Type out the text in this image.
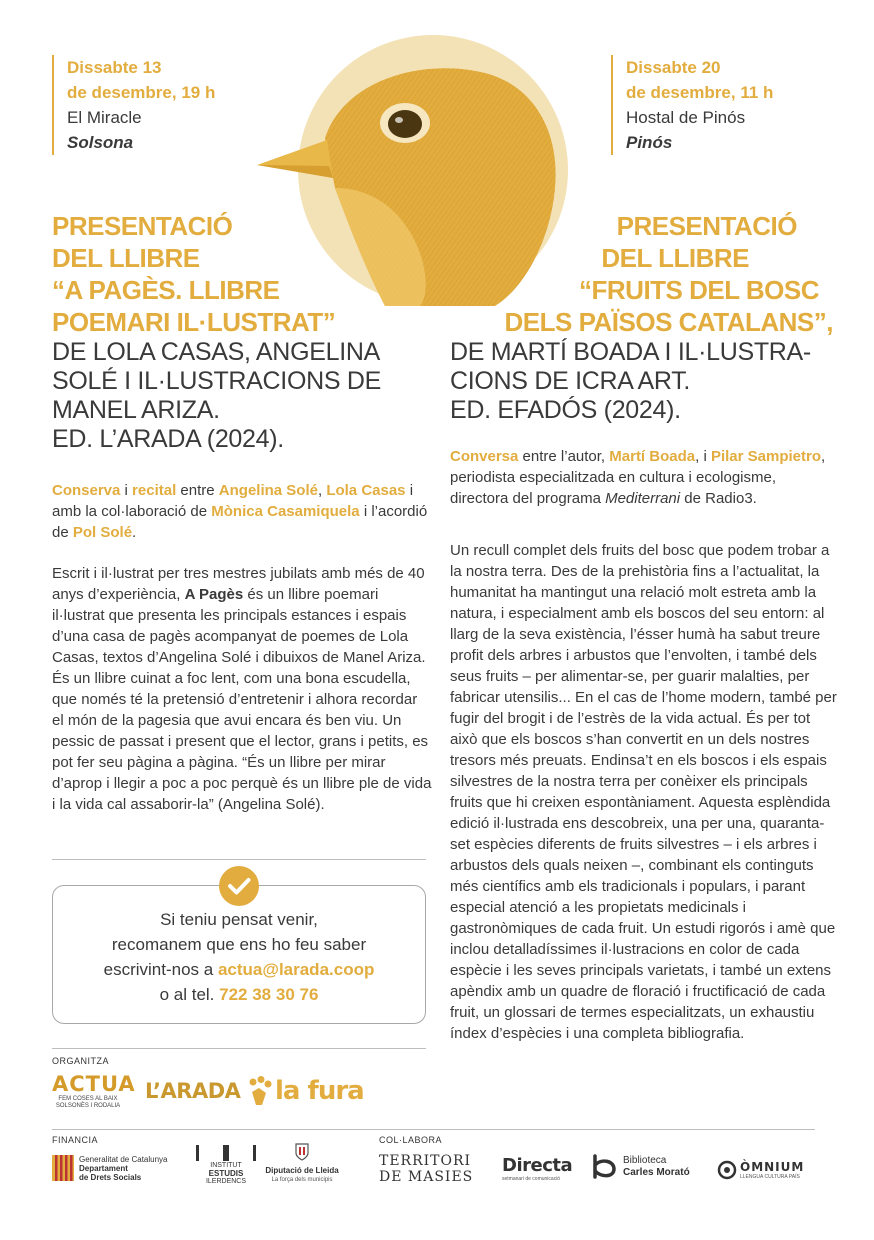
Dissabte 13
de desembre, 19 h
El Miracle
Solsona
Dissabte 20
de desembre, 11 h
Hostal de Pinós
Pinós
PRESENTACIÓ
DEL LLIBRE
“A PAGÈS. LLIBRE
POEMARI IL·LUSTRAT”
DE LOLA CASAS, ANGELINA
SOLÉ I IL·LUSTRACIONS DE
MANEL ARIZA.
ED. L’ARADA (2024).
PRESENTACIÓ
DEL LLIBRE
“FRUITS DEL BOSC
DELS PAÏSOS CATALANS”,
DE MARTÍ BOADA I IL·LUSTRA-
CIONS DE ICRA ART.
ED. EFADÓS (2024).
Conserva i recital entre Angelina Solé, Lola Casas i amb la col·laboració de Mònica Casamiquela i l’acordió de Pol Solé.
Escrit i il·lustrat per tres mestres jubilats amb més de 40 anys d’experiència, A Pagès és un llibre poemari il·lustrat que presenta les principals estances i espais d’una casa de pagès acompanyat de poemes de Lola Casas, textos d’Angelina Solé i dibuixos de Manel Ariza. És un llibre cuinat a foc lent, com una bona escudella, que només té la pretensió d’entretenir i alhora recordar el món de la pagesia que avui encara és ben viu. Un pessic de passat i present que el lector, grans i petits, es pot fer seu pàgina a pàgina. “És un llibre per mirar d’aprop i llegir a poc a poc perquè és un llibre ple de vida i la vida cal assaborir-la” (Angelina Solé).
Si teniu pensat venir,
recomanem que ens ho feu saber
escrivint-nos a actua@larada.coop
o al tel. 722 38 30 76
Conversa entre l’autor, Martí Boada, i Pilar Sampietro, periodista especialitzada en cultura i ecologisme, directora del programa Mediterrani de Radio3.
Un recull complet dels fruits del bosc que podem trobar a la nostra terra. Des de la prehistòria fins a l’actualitat, la humanitat ha mantingut una relació molt estreta amb la natura, i especialment amb els boscos del seu entorn: al llarg de la seva existència, l’ésser humà ha sabut treure profit dels arbres i arbustos que l’envolten, i també dels seus fruits – per alimentar-se, per guarir malalties, per fabricar utensilis... En el cas de l’home modern, també per fugir del brogit i de l’estrès de la vida actual. És per tot això que els boscos s’han convertit en un dels nostres tresors més preuats. Endinsa’t en els boscos i els espais silvestres de la nostra terra per conèixer els principals fruits que hi creixen espontàniament. Aquesta esplèndida edició il·lustrada ens descobreix, una per una, quaranta-set espècies diferents de fruits silvestres – i els arbres i arbustos dels quals neixen –, combinant els continguts més científics amb els tradicionals i populars, i parant especial atenció a les propietats medicinals i gastronòmiques de cada fruit. Un estudi rigorós i amè que inclou detalladíssimes il·lustracions en color de cada espècie i les seves principals varietats, i també un extens apèndix amb un quadre de floració i fructificació de cada fruit, un glossari de termes especialitzats, un exhaustiu índex d’espècies i una completa bibliografia.
ORGANITZA
ACTUA
FEM COSES AL BAIX
SOLSONÈS I RODALIA
L’ARADA la fura
FINANCIA	COL·LABORA
Generalitat de Catalunya
Departament
de Drets Socials
INSTITUT
ESTUDIS
ILERDENCS
Diputació de Lleida
La força dels municipis
TERRITORI
DE MASIES
Directa
setmanari de comunicació
Biblioteca
Carles Morató	ÒMNIUM
LLENGUA CULTURA PAÍS
